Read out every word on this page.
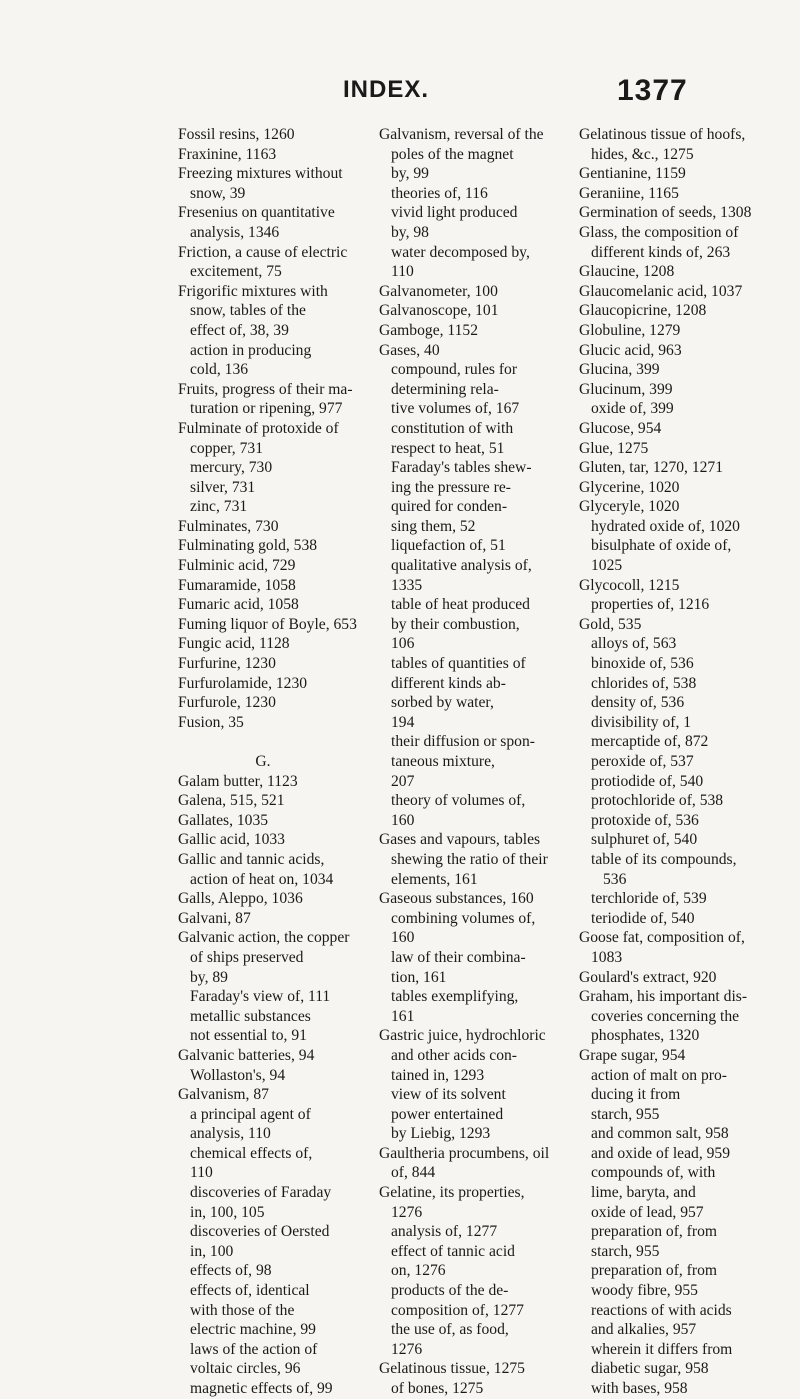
INDEX.	1377
Fossil resins, 1260
Fraxinine, 1163
Freezing mixtures without
snow, 39
Fresenius on quantitative
analysis, 1346
Friction, a cause of electric
excitement, 75
Frigorific mixtures with
snow, tables of the
effect of, 38, 39
action in producing
cold, 136
Fruits, progress of their ma-
turation or ripening, 977
Fulminate of protoxide of
copper, 731
mercury, 730
silver, 731
zinc, 731
Fulminates, 730
Fulminating gold, 538
Fulminic acid, 729
Fumaramide, 1058
Fumaric acid, 1058
Fuming liquor of Boyle, 653
Fungic acid, 1128
Furfurine, 1230
Furfurolamide, 1230
Furfurole, 1230
Fusion, 35
G.
Galam butter, 1123
Galena, 515, 521
Gallates, 1035
Gallic acid, 1033
Gallic and tannic acids,
action of heat on, 1034
Galls, Aleppo, 1036
Galvani, 87
Galvanic action, the copper
of ships preserved
by, 89
Faraday's view of, 111
metallic substances
not essential to, 91
Galvanic batteries, 94
Wollaston's, 94
Galvanism, 87
a principal agent of
analysis, 110
chemical effects of,
110
discoveries of Faraday
in, 100, 105
discoveries of Oersted
in, 100
effects of, 98
effects of, identical
with those of the
electric machine, 99
laws of the action of
voltaic circles, 96
magnetic effects of, 99
Galvanism, reversal of the
poles of the magnet
by, 99
theories of, 116
vivid light produced
by, 98
water decomposed by,
110
Galvanometer, 100
Galvanoscope, 101
Gamboge, 1152
Gases, 40
compound, rules for
determining rela-
tive volumes of, 167
constitution of with
respect to heat, 51
Faraday's tables shew-
ing the pressure re-
quired for conden-
sing them, 52
liquefaction of, 51
qualitative analysis of,
1335
table of heat produced
by their combustion,
106
tables of quantities of
different kinds ab-
sorbed by water,
194
their diffusion or spon-
taneous mixture,
207
theory of volumes of,
160
Gases and vapours, tables
shewing the ratio of their
elements, 161
Gaseous substances, 160
combining volumes of,
160
law of their combina-
tion, 161
tables exemplifying,
161
Gastric juice, hydrochloric
and other acids con-
tained in, 1293
view of its solvent
power entertained
by Liebig, 1293
Gaultheria procumbens, oil
of, 844
Gelatine, its properties,
1276
analysis of, 1277
effect of tannic acid
on, 1276
products of the de-
composition of, 1277
the use of, as food,
1276
Gelatinous tissue, 1275
of bones, 1275
Gelatinous tissue of hoofs,
hides, &c., 1275
Gentianine, 1159
Geraniine, 1165
Germination of seeds, 1308
Glass, the composition of
different kinds of, 263
Glaucine, 1208
Glaucomelanic acid, 1037
Glaucopicrine, 1208
Globuline, 1279
Glucic acid, 963
Glucina, 399
Glucinum, 399
oxide of, 399
Glucose, 954
Glue, 1275
Gluten, tar, 1270, 1271
Glycerine, 1020
Glyceryle, 1020
hydrated oxide of, 1020
bisulphate of oxide of,
1025
Glycocoll, 1215
properties of, 1216
Gold, 535
alloys of, 563
binoxide of, 536
chlorides of, 538
density of, 536
divisibility of, 1
mercaptide of, 872
peroxide of, 537
protiodide of, 540
protochloride of, 538
protoxide of, 536
sulphuret of, 540
table of its compounds,
536
terchloride of, 539
teriodide of, 540
Goose fat, composition of,
1083
Goulard's extract, 920
Graham, his important dis-
coveries concerning the
phosphates, 1320
Grape sugar, 954
action of malt on pro-
ducing it from
starch, 955
and common salt, 958
and oxide of lead, 959
compounds of, with
lime, baryta, and
oxide of lead, 957
preparation of, from
starch, 955
preparation of, from
woody fibre, 955
reactions of with acids
and alkalies, 957
wherein it differs from
diabetic sugar, 958
with bases, 958
